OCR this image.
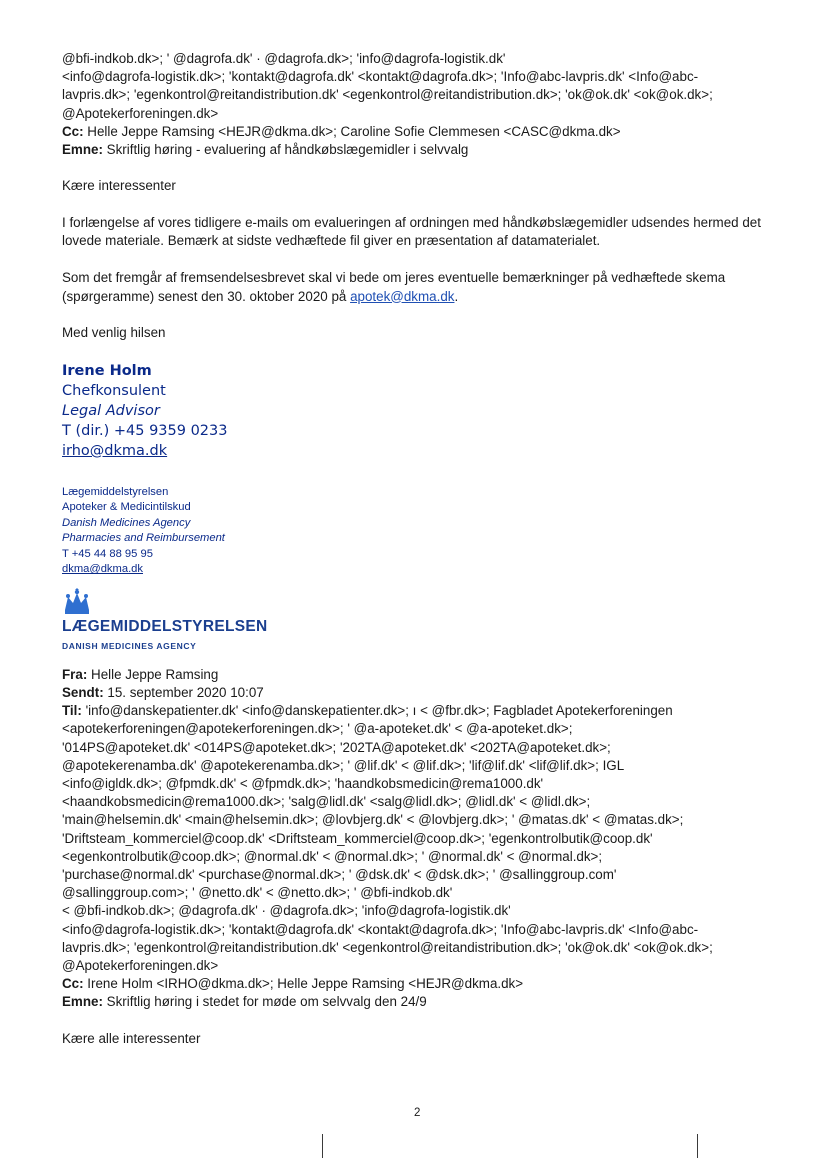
@bfi-indkob.dk>; ' @dagrofa.dk' · @dagrofa.dk>; 'info@dagrofa-logistik.dk'
<info@dagrofa-logistik.dk>; 'kontakt@dagrofa.dk' <kontakt@dagrofa.dk>; 'Info@abc-lavpris.dk' <Info@abc-
lavpris.dk>; 'egenkontrol@reitandistribution.dk' <egenkontrol@reitandistribution.dk>; 'ok@ok.dk' <ok@ok.dk>;
@Apotekerforeningen.dk>
Cc: Helle Jeppe Ramsing <HEJR@dkma.dk>; Caroline Sofie Clemmesen <CASC@dkma.dk>
Emne: Skriftlig høring - evaluering af håndkøbslægemidler i selvvalg

Kære interessenter

I forlængelse af vores tidligere e-mails om evalueringen af ordningen med håndkøbslægemidler udsendes hermed det lovede materiale. Bemærk at sidste vedhæftede fil giver en præsentation af datamaterialet.

Som det fremgår af fremsendelsesbrevet skal vi bede om jeres eventuelle bemærkninger på vedhæftede skema (spørgeramme) senest den 30. oktober 2020 på apotek@dkma.dk.

Med venlig hilsen

Irene Holm
Chefkonsulent
Legal Advisor
T (dir.) +45 9359 0233
irho@dkma.dk
Lægemiddelstyrelsen
Apoteker & Medicintilskud
Danish Medicines Agency
Pharmacies and Reimbursement
T +45 44 88 95 95
dkma@dkma.dk
LÆGEMIDDELSTYRELSEN
DANISH MEDICINES AGENCY
Fra: Helle Jeppe Ramsing
Sendt: 15. september 2020 10:07
Til: 'info@danskepatienter.dk' <info@danskepatienter.dk>; ı < @fbr.dk>; Fagbladet Apotekerforeningen
<apotekerforeningen@apotekerforeningen.dk>; ' @a-apoteket.dk' < @a-apoteket.dk>;
'014PS@apoteket.dk' <014PS@apoteket.dk>; '202TA@apoteket.dk' <202TA@apoteket.dk>;
@apotekerenamba.dk' @apotekerenamba.dk>; ' @lif.dk' < @lif.dk>; 'lif@lif.dk' <lif@lif.dk>; IGL
<info@igldk.dk>; @fpmdk.dk' < @fpmdk.dk>; 'haandkobsmedicin@rema1000.dk'
<haandkobsmedicin@rema1000.dk>; 'salg@lidl.dk' <salg@lidl.dk>; @lidl.dk' < @lidl.dk>;
'main@helsemin.dk' <main@helsemin.dk>; @lovbjerg.dk' < @lovbjerg.dk>; ' @matas.dk' < @matas.dk>;
'Driftsteam_kommerciel@coop.dk' <Driftsteam_kommerciel@coop.dk>; 'egenkontrolbutik@coop.dk'
<egenkontrolbutik@coop.dk>; @normal.dk' < @normal.dk>; ' @normal.dk' < @normal.dk>;
'purchase@normal.dk' <purchase@normal.dk>; ' @dsk.dk' < @dsk.dk>; ' @sallinggroup.com'
@sallinggroup.com>; ' @netto.dk' < @netto.dk>; ' @bfi-indkob.dk'
< @bfi-indkob.dk>; @dagrofa.dk' · @dagrofa.dk>; 'info@dagrofa-logistik.dk'
<info@dagrofa-logistik.dk>; 'kontakt@dagrofa.dk' <kontakt@dagrofa.dk>; 'Info@abc-lavpris.dk' <Info@abc-
lavpris.dk>; 'egenkontrol@reitandistribution.dk' <egenkontrol@reitandistribution.dk>; 'ok@ok.dk' <ok@ok.dk>;
@Apotekerforeningen.dk>
Cc: Irene Holm <IRHO@dkma.dk>; Helle Jeppe Ramsing <HEJR@dkma.dk>
Emne: Skriftlig høring i stedet for møde om selvvalg den 24/9

Kære alle interessenter

2
